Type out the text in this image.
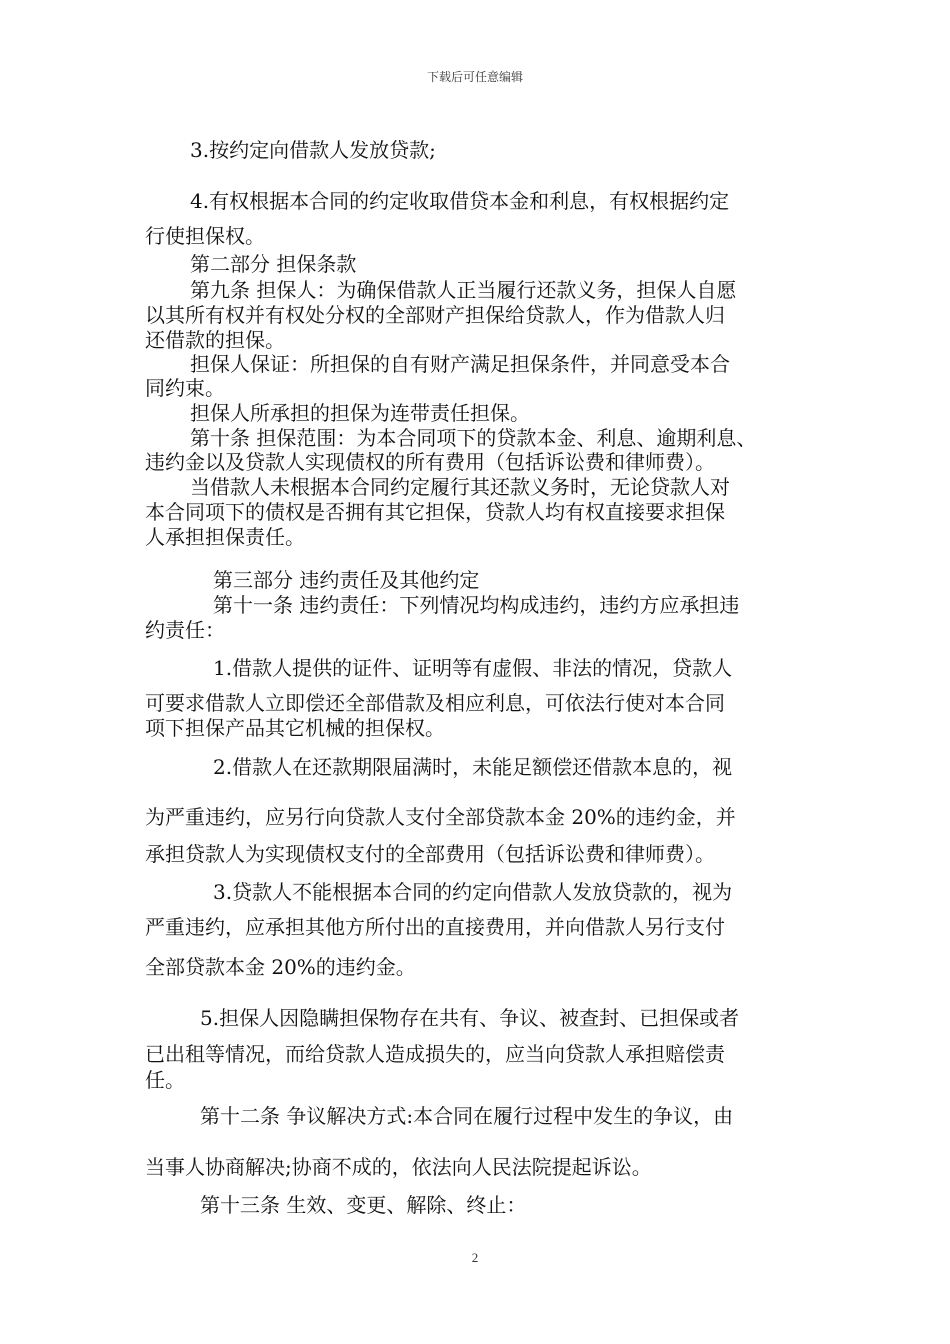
下载后可任意编辑
3.按约定向借款人发放贷款;
4.有权根据本合同的约定收取借贷本金和利息，有权根据约定
行使担保权。
第二部分 担保条款
第九条 担保人：为确保借款人正当履行还款义务，担保人自愿
以其所有权并有权处分权的全部财产担保给贷款人，作为借款人归
还借款的担保。
担保人保证：所担保的自有财产满足担保条件，并同意受本合
同约束。
担保人所承担的担保为连带责任担保。
第十条 担保范围：为本合同项下的贷款本金、利息、逾期利息、
违约金以及贷款人实现债权的所有费用（包括诉讼费和律师费）。
当借款人未根据本合同约定履行其还款义务时，无论贷款人对
本合同项下的债权是否拥有其它担保，贷款人均有权直接要求担保
人承担担保责任。
第三部分 违约责任及其他约定
第十一条 违约责任：下列情况均构成违约，违约方应承担违
约责任：
1.借款人提供的证件、证明等有虚假、非法的情况，贷款人
可要求借款人立即偿还全部借款及相应利息，可依法行使对本合同
项下担保产品其它机械的担保权。
2.借款人在还款期限届满时，未能足额偿还借款本息的，视
为严重违约，应另行向贷款人支付全部贷款本金 20%的违约金，并
承担贷款人为实现债权支付的全部费用（包括诉讼费和律师费）。
3.贷款人不能根据本合同的约定向借款人发放贷款的，视为
严重违约，应承担其他方所付出的直接费用，并向借款人另行支付
全部贷款本金 20%的违约金。
5.担保人因隐瞒担保物存在共有、争议、被查封、已担保或者
已出租等情况，而给贷款人造成损失的，应当向贷款人承担赔偿责
任。
第十二条 争议解决方式:本合同在履行过程中发生的争议，由
当事人协商解决;协商不成的，依法向人民法院提起诉讼。
第十三条 生效、变更、解除、终止：
2
